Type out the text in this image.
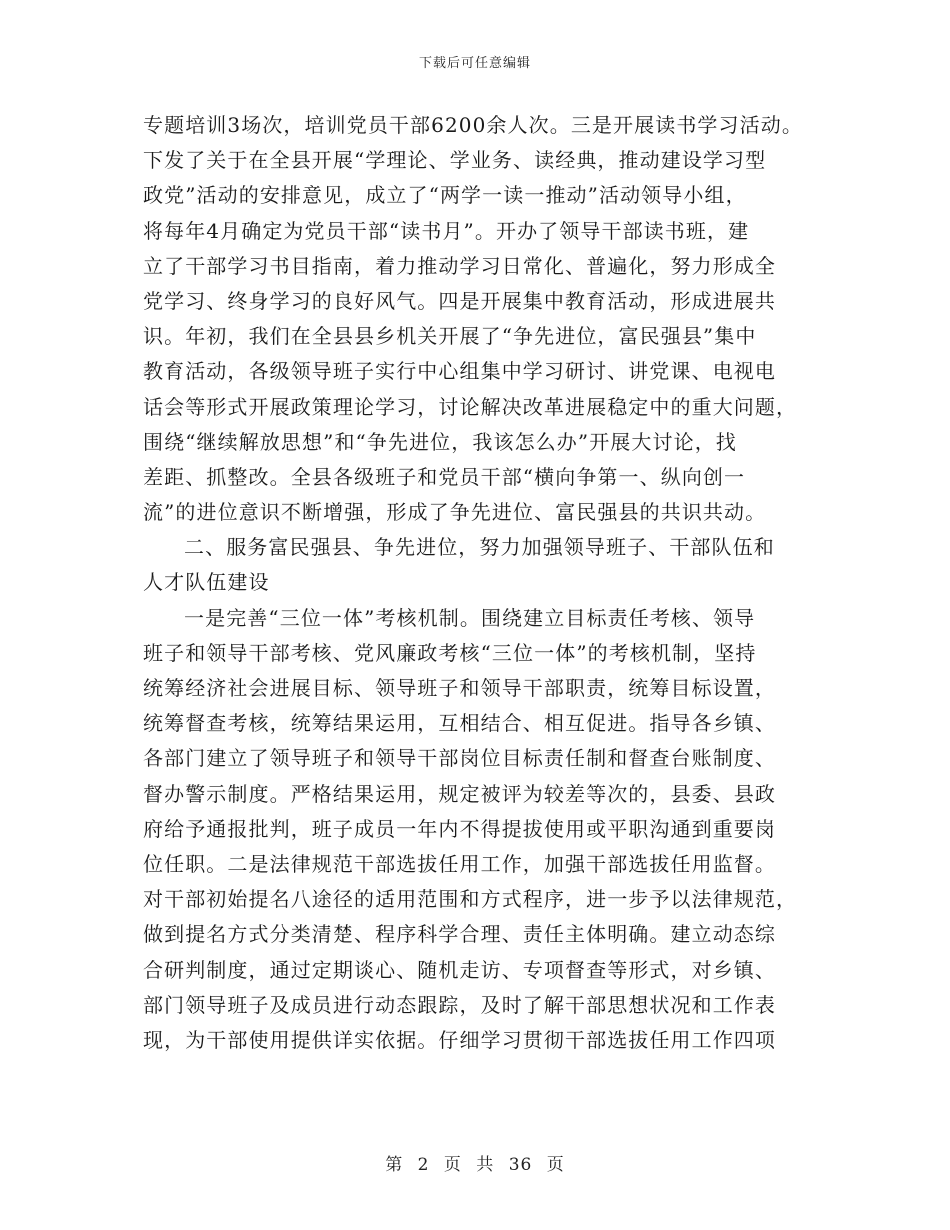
下载后可任意编辑
专题培训3场次，培训党员干部6200余人次。三是开展读书学习活动。
下发了关于在全县开展“学理论、学业务、读经典，推动建设学习型
政党”活动的安排意见，成立了“两学一读一推动”活动领导小组，
将每年4月确定为党员干部“读书月”。开办了领导干部读书班，建
立了干部学习书目指南，着力推动学习日常化、普遍化，努力形成全
党学习、终身学习的良好风气。四是开展集中教育活动，形成进展共
识。年初，我们在全县县乡机关开展了“争先进位，富民强县”集中
教育活动，各级领导班子实行中心组集中学习研讨、讲党课、电视电
话会等形式开展政策理论学习，讨论解决改革进展稳定中的重大问题，
围绕“继续解放思想”和“争先进位，我该怎么办”开展大讨论，找
差距、抓整改。全县各级班子和党员干部“横向争第一、纵向创一
流”的进位意识不断增强，形成了争先进位、富民强县的共识共动。
二、服务富民强县、争先进位，努力加强领导班子、干部队伍和
人才队伍建设
一是完善“三位一体”考核机制。围绕建立目标责任考核、领导
班子和领导干部考核、党风廉政考核“三位一体”的考核机制，坚持
统筹经济社会进展目标、领导班子和领导干部职责，统筹目标设置，
统筹督查考核，统筹结果运用，互相结合、相互促进。指导各乡镇、
各部门建立了领导班子和领导干部岗位目标责任制和督查台账制度、
督办警示制度。严格结果运用，规定被评为较差等次的，县委、县政
府给予通报批判，班子成员一年内不得提拔使用或平职沟通到重要岗
位任职。二是法律规范干部选拔任用工作，加强干部选拔任用监督。
对干部初始提名八途径的适用范围和方式程序，进一步予以法律规范，
做到提名方式分类清楚、程序科学合理、责任主体明确。建立动态综
合研判制度，通过定期谈心、随机走访、专项督查等形式，对乡镇、
部门领导班子及成员进行动态跟踪，及时了解干部思想状况和工作表
现，为干部使用提供详实依据。仔细学习贯彻干部选拔任用工作四项
第 2 页 共 36 页
